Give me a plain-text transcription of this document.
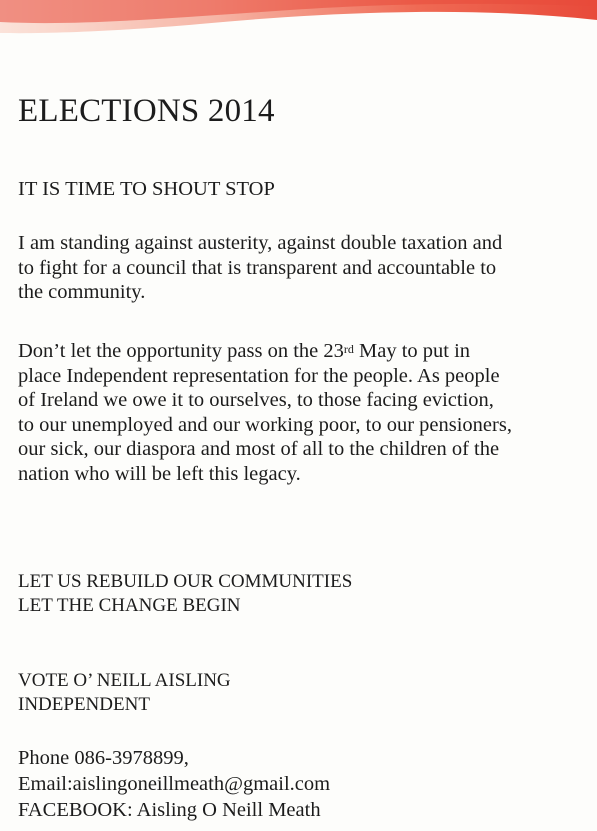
ELECTIONS 2014
IT IS TIME TO SHOUT STOP

I am standing against austerity, against double taxation and
to fight for a council that is transparent and accountable to
the community.

Don’t let the opportunity pass on the 23rd May to put in
place Independent representation for the people. As people
of Ireland we owe it to ourselves, to those facing eviction,
to our unemployed and our working poor, to our pensioners,
our sick, our diaspora and most of all to the children of the
nation who will be left this legacy.

LET US REBUILD OUR COMMUNITIES
LET THE CHANGE BEGIN
VOTE O’ NEILL AISLING
INDEPENDENT
Phone 086-3978899,
Email:aislingoneillmeath@gmail.com
FACEBOOK: Aisling O Neill Meath
